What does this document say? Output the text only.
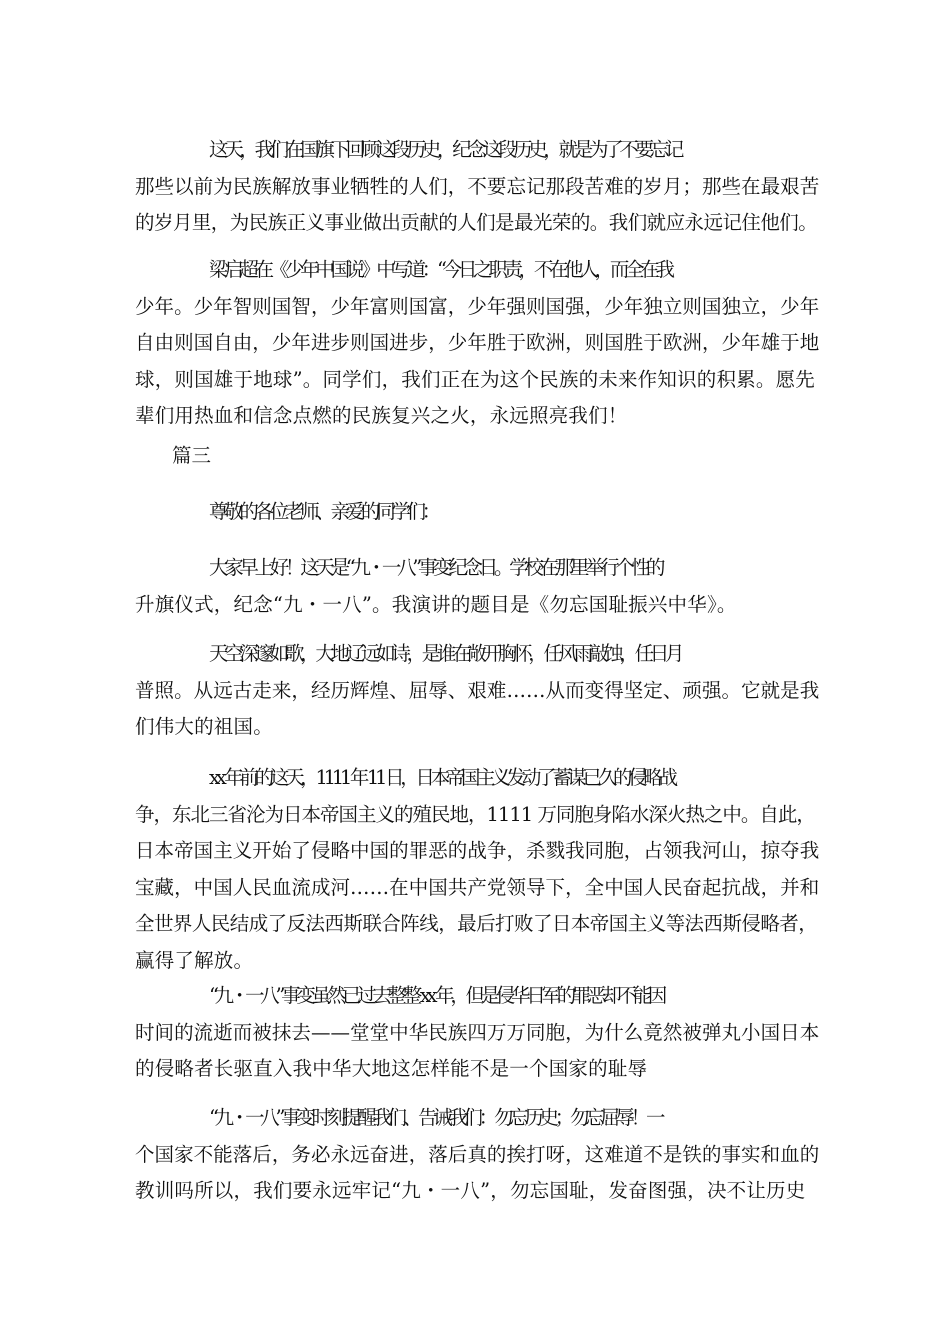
这天，我们在国旗下回顾这段历史，纪念这段历史，就是为了不要忘记
那些以前为民族解放事业牺牲的人们，不要忘记那段苦难的岁月；那些在最艰苦
的岁月里，为民族正义事业做出贡献的人们是最光荣的。我们就应永远记住他们。
梁启超在《少年中国说》中写道：“今日之职责，不在他人，而全在我
少年。少年智则国智，少年富则国富，少年强则国强，少年独立则国独立，少年
自由则国自由，少年进步则国进步，少年胜于欧洲，则国胜于欧洲，少年雄于地
球，则国雄于地球”。同学们，我们正在为这个民族的未来作知识的积累。愿先
辈们用热血和信念点燃的民族复兴之火，永远照亮我们！
篇三
尊敬的各位老师、亲爱的同学们：
大家早上好！这天是“九・一八”事变纪念日。学校在那里举行个性的
升旗仪式，纪念“九・一八”。我演讲的题目是《勿忘国耻振兴中华》。
天空深邃如歌，大地辽远如诗，是谁在敞开胸怀，任风雨敲蚀，任日月
普照。从远古走来，经历辉煌、屈辱、艰难……从而变得坚定、顽强。它就是我
们伟大的祖国。
xx 年前的这天，1111 年 11 日，日本帝国主义发动了蓄谋已久的侵略战
争，东北三省沦为日本帝国主义的殖民地，1111 万同胞身陷水深火热之中。自此，
日本帝国主义开始了侵略中国的罪恶的战争，杀戮我同胞，占领我河山，掠夺我
宝藏，中国人民血流成河……在中国共产党领导下，全中国人民奋起抗战，并和
全世界人民结成了反法西斯联合阵线，最后打败了日本帝国主义等法西斯侵略者，
赢得了解放。
“九・一八”事变虽然已过去整整 xx 年，但是侵华日军的罪恶却不能因
时间的流逝而被抹去——堂堂中华民族四万万同胞，为什么竟然被弹丸小国日本
的侵略者长驱直入我中华大地这怎样能不是一个国家的耻辱
“九・一八”事变时刻提醒我们、告诫我们：勿忘历史；勿忘屈辱！一
个国家不能落后，务必永远奋进，落后真的挨打呀，这难道不是铁的事实和血的
教训吗所以，我们要永远牢记“九・一八”，勿忘国耻，发奋图强，决不让历史
